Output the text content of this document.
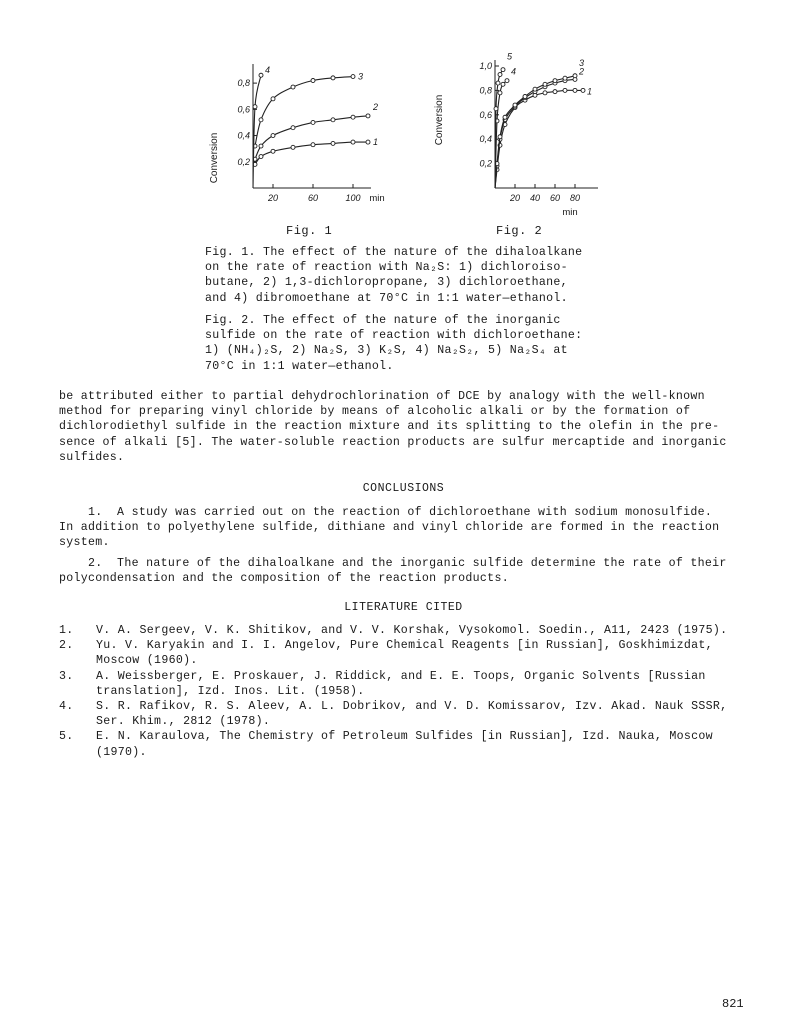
20	60	100
0,2
0,4
0,6
0,8
min
Conversion	1
2
3
4
Fig. 1
20 40 60 80
0,2
0,4
0,6
0,8
1,0
min
Conversion
1
2
3
4
5
Fig. 2

Fig. 1. The effect of the nature of the dihaloalkane

on the rate of reaction with Na₂S: 1) dichloroiso-

butane, 2) 1,3-dichloropropane, 3) dichloroethane,

and 4) dibromoethane at 70°C in 1:1 water—ethanol.

Fig. 2. The effect of the nature of the inorganic

sulfide on the rate of reaction with dichloroethane:

1) (NH₄)₂S, 2) Na₂S, 3) K₂S, 4) Na₂S₂, 5) Na₂S₄ at

70°C in 1:1 water—ethanol.

be attributed either to partial dehydrochlorination of DCE by analogy with the well-known

method for preparing vinyl chloride by means of alcoholic alkali or by the formation of

dichlorodiethyl sulfide in the reaction mixture and its splitting to the olefin in the pre-

sence of alkali [5]. The water-soluble reaction products are sulfur mercaptide and inorganic

sulfides.

CONCLUSIONS

1.  A study was carried out on the reaction of dichloroethane with sodium monosulfide.

In addition to polyethylene sulfide, dithiane and vinyl chloride are formed in the reaction

system.

2.  The nature of the dihaloalkane and the inorganic sulfide determine the rate of their

polycondensation and the composition of the reaction products.

LITERATURE CITED
1.	V. A. Sergeev, V. K. Shitikov, and V. V. Korshak, Vysokomol. Soedin., A11, 2423 (1975).
2.	Yu. V. Karyakin and I. I. Angelov, Pure Chemical Reagents [in Russian], Goskhimizdat,
Moscow (1960).
3.	A. Weissberger, E. Proskauer, J. Riddick, and E. E. Toops, Organic Solvents [Russian
translation], Izd. Inos. Lit. (1958).
4.	S. R. Rafikov, R. S. Aleev, A. L. Dobrikov, and V. D. Komissarov, Izv. Akad. Nauk SSSR,
Ser. Khim., 2812 (1978).
5.	E. N. Karaulova, The Chemistry of Petroleum Sulfides [in Russian], Izd. Nauka, Moscow
(1970).
821
